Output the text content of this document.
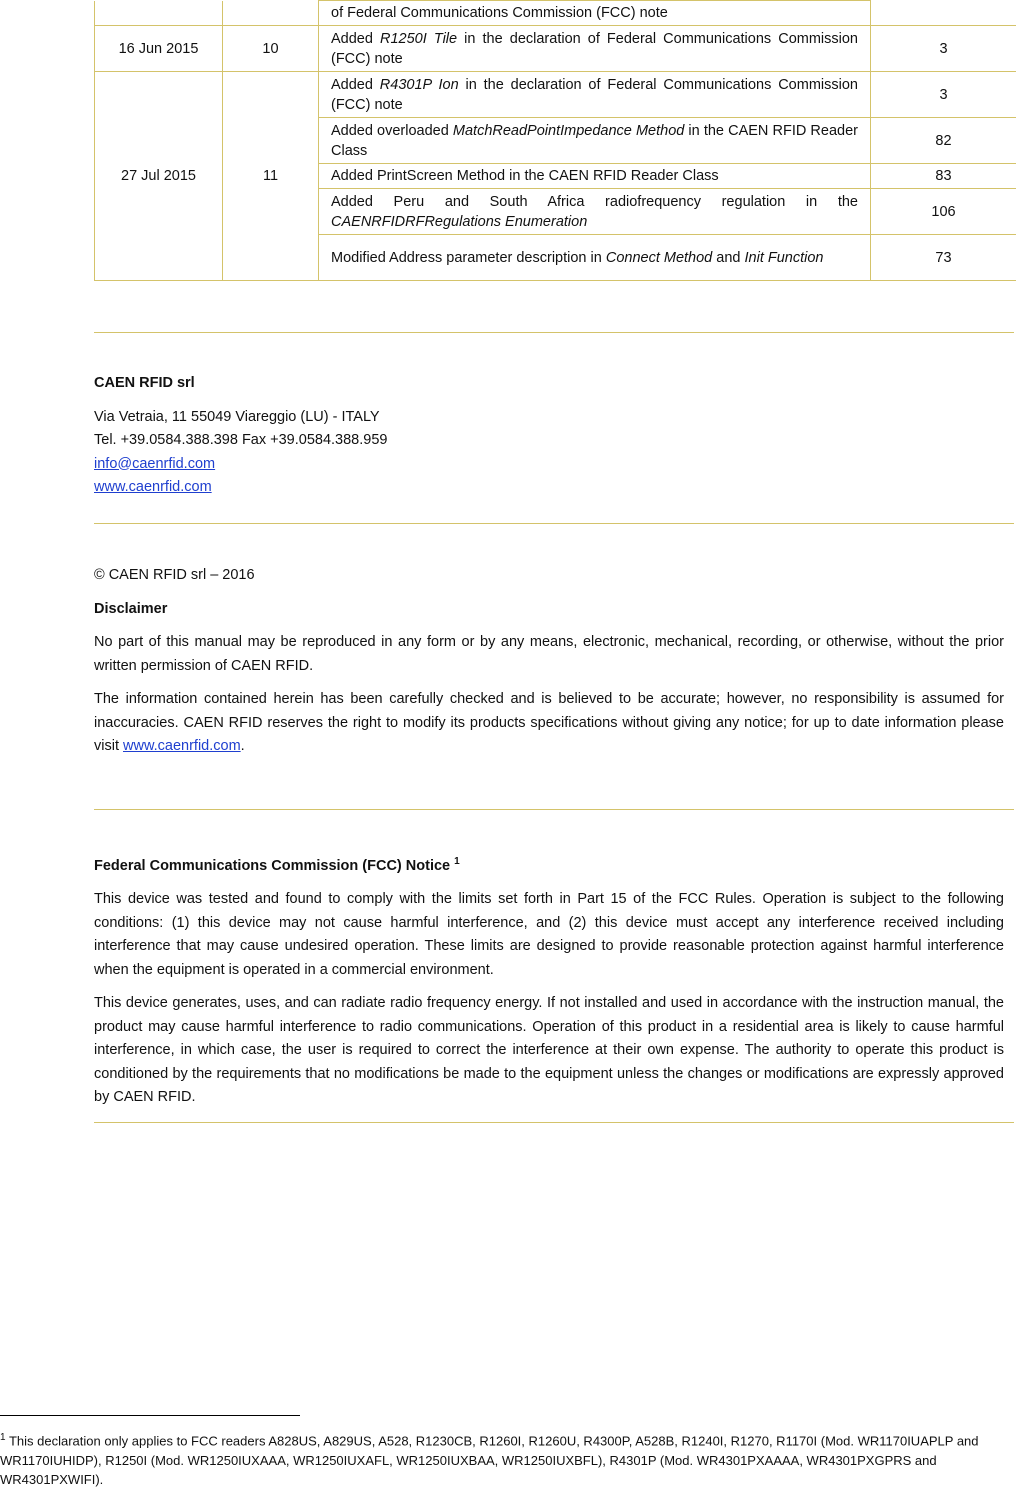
		of Federal Communications Commission (FCC) note	
16 Jun 2015	10	Added R1250I Tile in the declaration of Federal Communications Commission (FCC) note	3
27 Jul 2015	11	Added R4301P Ion in the declaration of Federal Communications Commission (FCC) note	3
		Added overloaded MatchReadPointImpedance Method in the CAEN RFID Reader Class	82
		Added PrintScreen Method in the CAEN RFID Reader Class	83
		Added Peru and South Africa radiofrequency regulation in the CAENRFIDRFRegulations Enumeration	106
		Modified Address parameter description in Connect Method and Init Function	73
CAEN RFID srl
Via Vetraia, 11 55049 Viareggio (LU) - ITALY
Tel. +39.0584.388.398 Fax +39.0584.388.959
info@caenrfid.com
www.caenrfid.com
© CAEN RFID srl – 2016
Disclaimer

No part of this manual may be reproduced in any form or by any means, electronic, mechanical, recording, or otherwise, without the prior written permission of CAEN RFID.

The information contained herein has been carefully checked and is believed to be accurate; however, no responsibility is assumed for inaccuracies. CAEN RFID reserves the right to modify its products specifications without giving any notice; for up to date information please visit www.caenrfid.com.

Federal Communications Commission (FCC) Notice $^1$

This device was tested and found to comply with the limits set forth in Part 15 of the FCC Rules. Operation is subject to the following conditions: (1) this device may not cause harmful interference, and (2) this device must accept any interference received including interference that may cause undesired operation. These limits are designed to provide reasonable protection against harmful interference when the equipment is operated in a commercial environment.

This device generates, uses, and can radiate radio frequency energy. If not installed and used in accordance with the instruction manual, the product may cause harmful interference to radio communications. Operation of this product in a residential area is likely to cause harmful interference, in which case, the user is required to correct the interference at their own expense. The authority to operate this product is conditioned by the requirements that no modifications be made to the equipment unless the changes or modifications are expressly approved by CAEN RFID.

$^1$ This declaration only applies to FCC readers A828US, A829US, A528, R1230CB, R1260I, R1260U, R4300P, A528B, R1240I, R1270, R1170I (Mod. WR1170IUAPLP and WR1170IUHIDP), R1250I (Mod. WR1250IUXAAA, WR1250IUXAFL, WR1250IUXBAA, WR1250IUXBFL), R4301P (Mod. WR4301PXAAAA, WR4301PXGPRS and WR4301PXWIFI).
